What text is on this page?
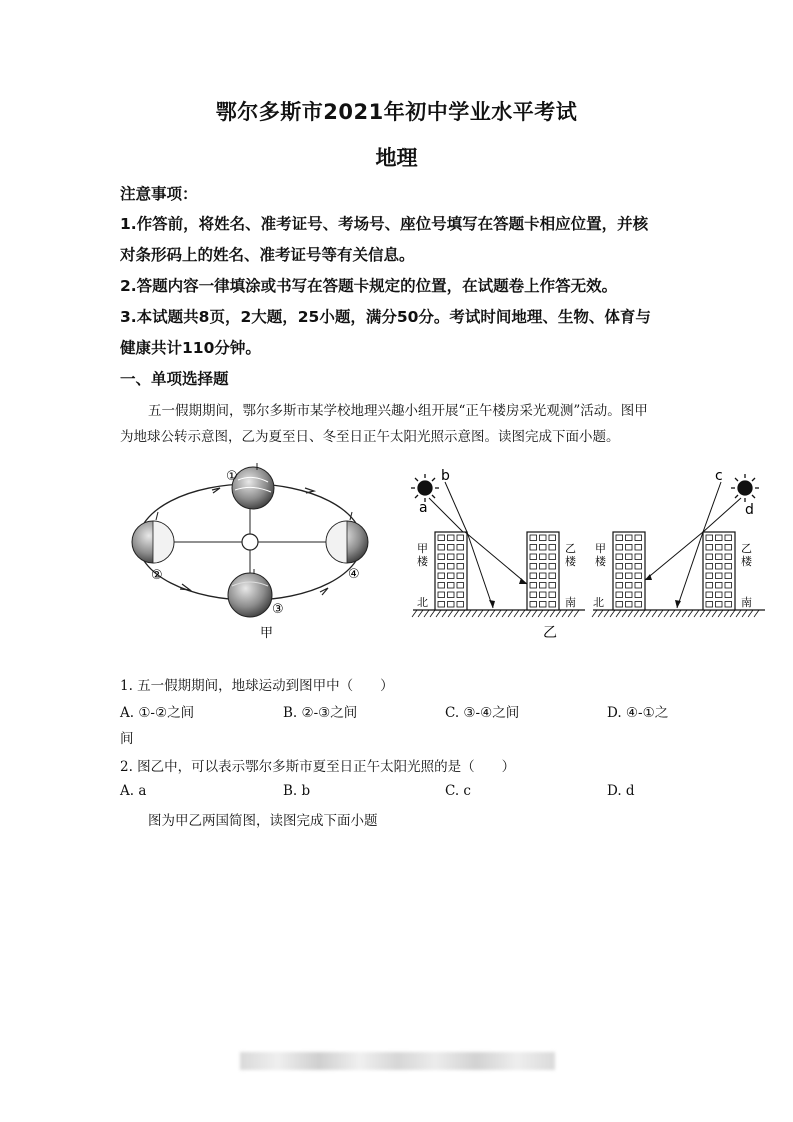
鄂尔多斯市2021年初中学业水平考试
地理
注意事项：
1.作答前，将姓名、准考证号、考场号、座位号填写在答题卡相应位置，并核
对条形码上的姓名、准考证号等有关信息。
2.答题内容一律填涂或书写在答题卡规定的位置，在试题卷上作答无效。
3.本试题共8页，2大题，25小题，满分50分。考试时间地理、生物、体育与
健康共计110分钟。
一、单项选择题
五一假期期间，鄂尔多斯市某学校地理兴趣小组开展“正午楼房采光观测”活动。图甲
为地球公转示意图，乙为夏至日、冬至日正午太阳光照示意图。读图完成下面小题。
①
②
③
④
甲
a
b	c
d
甲楼
乙楼
甲楼
乙楼
北	南 北	南
乙
1. 五一假期期间，地球运动到图甲中（　　）
A. ①-②之间	B. ②-③之间	C. ③-④之间	D. ④-①之
间
2. 图乙中，可以表示鄂尔多斯市夏至日正午太阳光照的是（　　）
A. a	B. b	C. c	D. d
图为甲乙两国简图，读图完成下面小题
